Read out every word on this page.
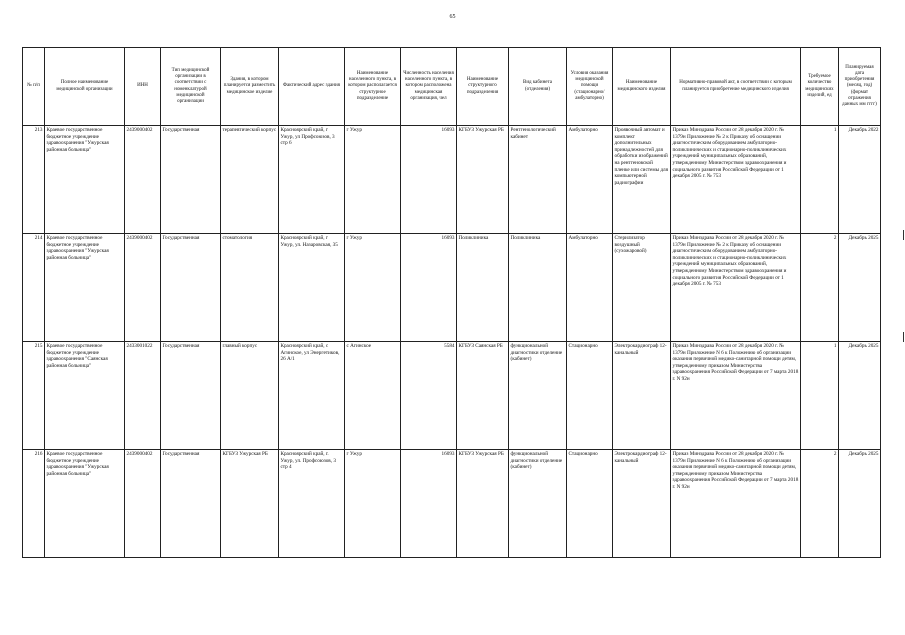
65
№ п/п	Полное наименование медицинской организации	ИНН	Тип медицинской организации в соответствии с номенклатурой медицинской организации	Здания, в котором планируется разместить медицинское изделие	Фактический адрес здания	Наименование населенного пункта, в котором располагается структурное подразделение	Численность населения населенного пункта, в котором расположена медицинская организация, чел	Наименование структурного подразделения	Вид кабинета (отделения)	Условия оказания медицинской помощи (стационарно/амбулаторно)	Наименование медицинского изделия	Нормативно-правовой акт, в соответствии с которым планируется приобретение медицинского изделия	Требуемое количество медицинских изделий, ед	Планируемая дата приобретения (месяц, год) (формат отражения данных мм гггг)
213	Краевое государственное бюджетное учреждение здравоохранения "Ужурская районная больница"	2439000402	Государственная	терапевтический корпус	Красноярский край, г Ужур, ул Профсоюзов, 3 стр 6	г Ужур	16093	КГБУЗ Ужурская РБ	Рентгенологический кабинет	Амбулаторно	Проявочный автомат и комплект дополнительных принадлежностей для обработки изображений на рентгеновской пленке или системы для компьютерной радиографии	Приказ Минздрава России от 28 декабря 2020 г. № 1379н Приложение № 2 к Приказу об оснащении диагностическим оборудованием амбулаторно-поликлинических и стационарно-поликлинических учреждений муниципальных образований, утвержденному Министерством здравоохранения и социального развития Российской Федерации от 1 декабря 2005 г. № 753	1	Декабрь 2022
214	Краевое государственное бюджетное учреждение здравоохранения "Ужурская районная больница"	2439000402	Государственная	стоматология	Красноярский край, г Ужур, ул. Назаровская, 35	г Ужур	16093	Поликлиника	Поликлиника	Амбулаторно	Стерилизатор воздушный (сухожаровой)	Приказ Минздрава России от 28 декабря 2020 г. № 1379н Приложение № 2 к Приказу об оснащении диагностическим оборудованием амбулаторно-поликлинических и стационарно-поликлинических учреждений муниципальных образований, утвержденному Министерством здравоохранения и социального развития Российской Федерации от 1 декабря 2005 г. № 753	2	Декабрь 2025
215	Краевое государственное бюджетное учреждение здравоохранения "Саянская районная больница"	2433001022	Государственная	главный корпус	Красноярский край, с Агинское, ул Энергетиков, 26 А/1	с Агинское	5584	КГБУЗ Саянская РБ	функциональной диагностики отделение (кабинет)	Стационарно	Электрокардиограф 12-канальный	Приказ Минздрава России от 28 декабря 2020 г. № 1379н Приложение N 6 к Положению об организации оказания первичной медико-санитарной помощи детям, утвержденному приказом Министерства здравоохранения Российской Федерации от 7 марта 2018 г. N 92н	1	Декабрь 2025
216	Краевое государственное бюджетное учреждение здравоохранения "Ужурская районная больница"	2439000402	Государственная	КГБУЗ Ужурская РБ	Красноярский край, г. Ужур, ул. Профсоюзов, 3 стр 4	г Ужур	16093	КГБУЗ Ужурская РБ	функциональной диагностики отделение (кабинет)	Стационарно	Электрокардиограф 12-канальный	Приказ Минздрава России от 28 декабря 2020 г. № 1379н Приложение N 6 к Положению об организации оказания первичной медико-санитарной помощи детям, утвержденному приказом Министерства здравоохранения Российской Федерации от 7 марта 2018 г. N 92н	2	Декабрь 2025
